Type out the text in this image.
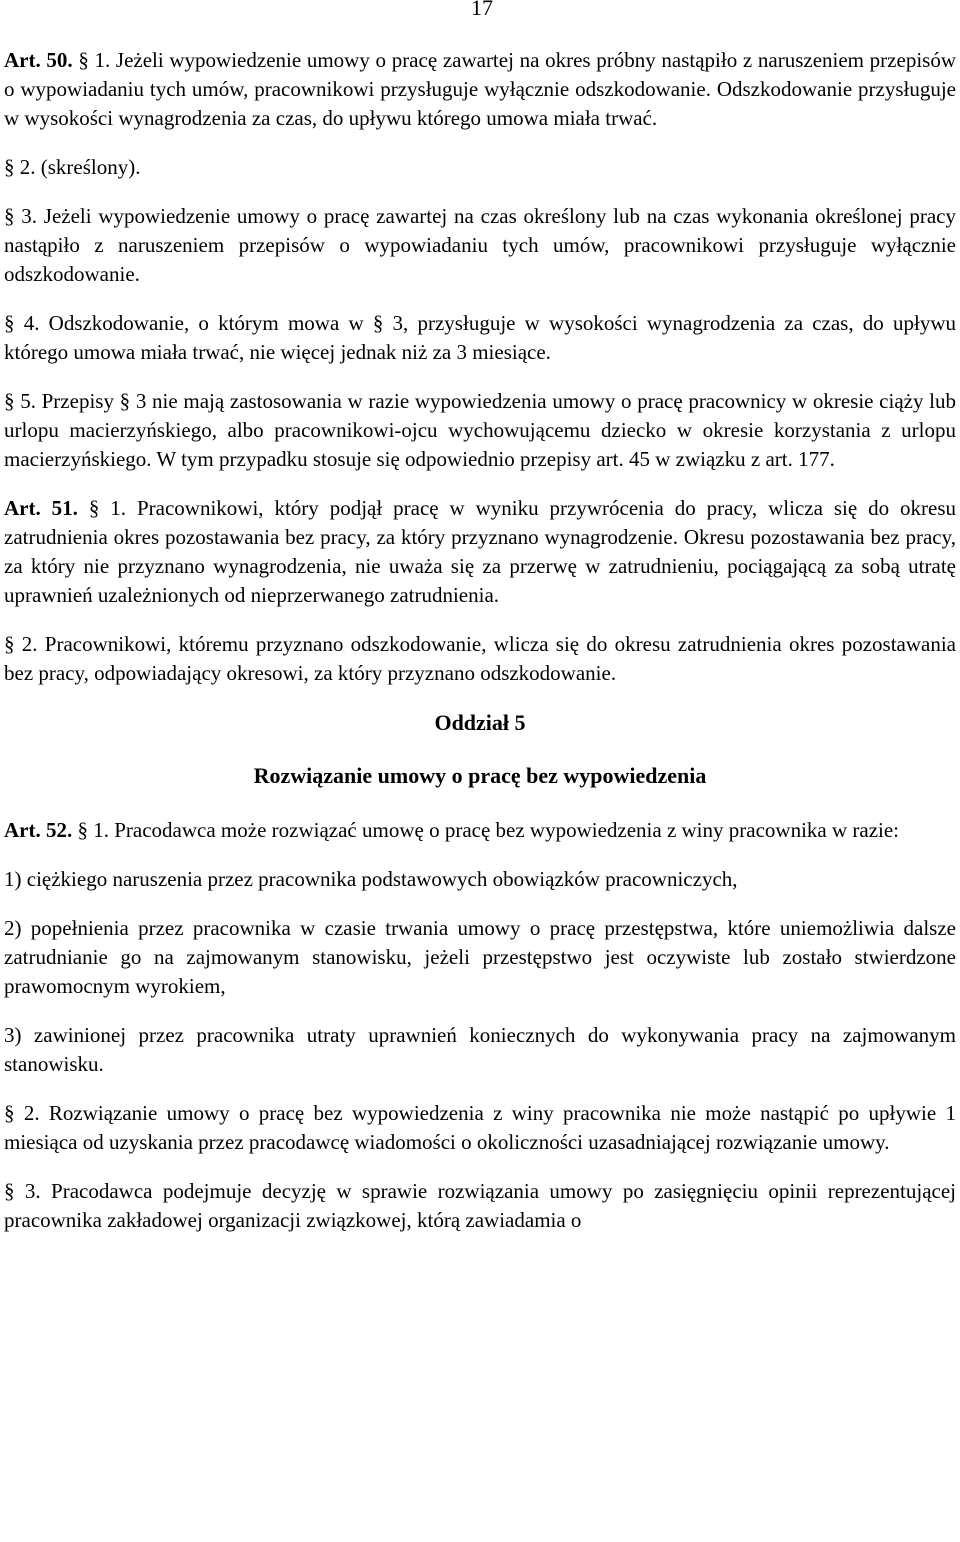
17

Art. 50. § 1. Jeżeli wypowiedzenie umowy o pracę zawartej na okres próbny nastąpiło z naruszeniem przepisów o wypowiadaniu tych umów, pracownikowi przysługuje wyłącznie odszkodowanie. Odszkodowanie przysługuje w wysokości wynagrodzenia za czas, do upływu którego umowa miała trwać.

§ 2. (skreślony).

§ 3. Jeżeli wypowiedzenie umowy o pracę zawartej na czas określony lub na czas wykonania określonej pracy nastąpiło z naruszeniem przepisów o wypowiadaniu tych umów, pracownikowi przysługuje wyłącznie odszkodowanie.

§ 4. Odszkodowanie, o którym mowa w § 3, przysługuje w wysokości wynagrodzenia za czas, do upływu którego umowa miała trwać, nie więcej jednak niż za 3 miesiące.

§ 5. Przepisy § 3 nie mają zastosowania w razie wypowiedzenia umowy o pracę pracownicy w okresie ciąży lub urlopu macierzyńskiego, albo pracownikowi-ojcu wychowującemu dziecko w okresie korzystania z urlopu macierzyńskiego. W tym przypadku stosuje się odpowiednio przepisy art. 45 w związku z art. 177.

Art. 51. § 1. Pracownikowi, który podjął pracę w wyniku przywrócenia do pracy, wlicza się do okresu zatrudnienia okres pozostawania bez pracy, za który przyznano wynagrodzenie. Okresu pozostawania bez pracy, za który nie przyznano wynagrodzenia, nie uważa się za przerwę w zatrudnieniu, pociągającą za sobą utratę uprawnień uzależnionych od nieprzerwanego zatrudnienia.

§ 2. Pracownikowi, któremu przyznano odszkodowanie, wlicza się do okresu zatrudnienia okres pozostawania bez pracy, odpowiadający okresowi, za który przyznano odszkodowanie.

Oddział 5

Rozwiązanie umowy o pracę bez wypowiedzenia

Art. 52. § 1. Pracodawca może rozwiązać umowę o pracę bez wypowiedzenia z winy pracownika w razie:

1) ciężkiego naruszenia przez pracownika podstawowych obowiązków pracowniczych,

2) popełnienia przez pracownika w czasie trwania umowy o pracę przestępstwa, które uniemożliwia dalsze zatrudnianie go na zajmowanym stanowisku, jeżeli przestępstwo jest oczywiste lub zostało stwierdzone prawomocnym wyrokiem,

3) zawinionej przez pracownika utraty uprawnień koniecznych do wykonywania pracy na zajmowanym stanowisku.

§ 2. Rozwiązanie umowy o pracę bez wypowiedzenia z winy pracownika nie może nastąpić po upływie 1 miesiąca od uzyskania przez pracodawcę wiadomości o okoliczności uzasadniającej rozwiązanie umowy.

§ 3. Pracodawca podejmuje decyzję w sprawie rozwiązania umowy po zasięgnięciu opinii reprezentującej pracownika zakładowej organizacji związkowej, którą zawiadamia o
